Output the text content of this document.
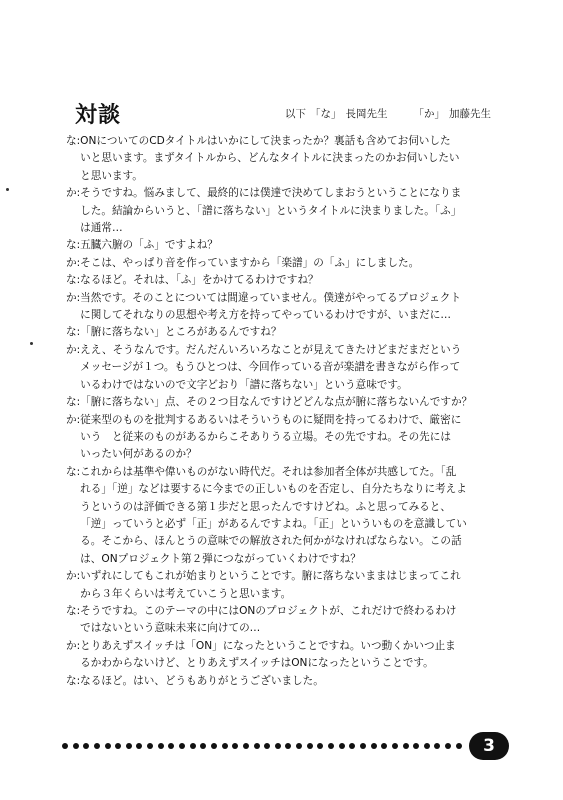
対談	以下 「な」 長岡先生 「か」 加藤先生
な: ONについてのCDタイトルはいかにして決まったか？裏話も含めてお伺いした
いと思います。まずタイトルから、どんなタイトルに決まったのかお伺いしたい
と思います。
か: そうですね。悩みまして、最終的には僕達で決めてしまおうということになりま
した。結論からいうと、「譜に落ちない」というタイトルに決まりました。「ふ」
は通常…
な: 五臓六腑の「ふ」ですよね？
か: そこは、やっぱり音を作っていますから「楽譜」の「ふ」にしました。
な: なるほど。それは、「ふ」をかけてるわけですね？
か: 当然です。そのことについては間違っていません。僕達がやってるプロジェクト
に関してそれなりの思想や考え方を持ってやっているわけですが、いまだに…
な: 「腑に落ちない」ところがあるんですね？
か: ええ、そうなんです。だんだんいろいろなことが見えてきたけどまだまだという
メッセージが１つ。もうひとつは、今回作っている音が楽譜を書きながら作って
いるわけではないので文字どおり「譜に落ちない」という意味です。
な: 「腑に落ちない」点、その２つ目なんですけどどんな点が腑に落ちないんですか？
か: 従来型のものを批判するあるいはそういうものに疑問を持ってるわけで、厳密に
いう　と従来のものがあるからこそありうる立場。その先ですね。その先には
いったい何があるのか？
な: これからは基準や偉いものがない時代だ。それは参加者全体が共感してた。「乱
れる」「逆」などは要するに今までの正しいものを否定し、自分たちなりに考えよ
うというのは評価できる第１歩だと思ったんですけどね。ふと思ってみると、
「逆」っていうと必ず「正」があるんですよね。「正」といういものを意識してい
る。そこから、ほんとうの意味での解放された何かがなければならない。この話
は、ONプロジェクト第２弾につながっていくわけですね？
か: いずれにしてもこれが始まりということです。腑に落ちないままはじまってこれ
から３年くらいは考えていこうと思います。
な: そうですね。このテーマの中にはONのプロジェクトが、これだけで終わるわけ
ではないという意味未来に向けての…
か: とりあえずスイッチは「ON」になったということですね。いつ動くかいつ止ま
るかわからないけど、とりあえずスイッチはONになったということです。
な: なるほど。はい、どうもありがとうございました。
3
